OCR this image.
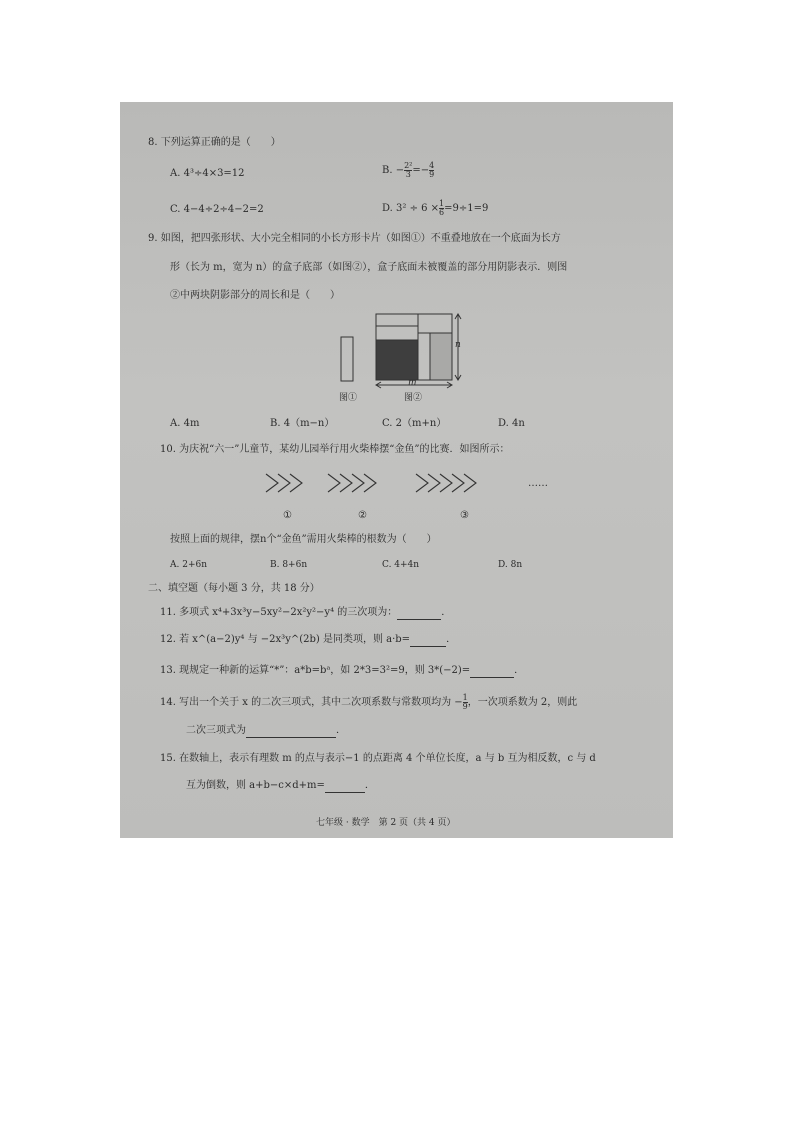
8. 下列运算正确的是（　　）
A. 4³÷4×3=12	B. − $\frac{\text{2²}}{3} =- \frac{4}{9}$
C. 4−4÷2÷4−2=2	D. $3^2 \div 6 \times \frac{1}{6} =9\div 1=9$
9. 如图，把四张形状、大小完全相同的小长方形卡片（如图①）不重叠地放在一个底面为长方
形（长为 m，宽为 n）的盒子底部（如图②），盒子底面未被覆盖的部分用阴影表示．则图
②中两块阴影部分的周长和是（　　）
n
m
图①	图②
A. 4m	B. 4（m−n）	C. 2（m+n）	D. 4n
10. 为庆祝“六一”儿童节，某幼儿园举行用火柴棒摆“金鱼”的比赛．如图所示：
……
①	②	③
按照上面的规律，摆n个“金鱼”需用火柴棒的根数为（　　）
A. 2+6n	B. 8+6n	C. 4+4n	D. 8n
二、填空题（每小题 3 分，共 18 分）
11. 多项式 x⁴+3x³y−5xy²−2x²y²−y⁴ 的三次项为：	．
12. 若 x^(a−2)y⁴ 与 −2x³y^(2b) 是同类项，则 a·b=	．
13. 现规定一种新的运算“*”：a*b=bᵃ，如 2*3=3²=9，则 3*(−2)=	．
14. 写出一个关于 x 的二次三项式，其中二次项系数与常数项均为 − $\frac{1}{9}$ ，一次项系数为 2，则此
二次三项式为	．
15. 在数轴上，表示有理数 m 的点与表示−1 的点距离 4 个单位长度，a 与 b 互为相反数，c 与 d
互为倒数，则 a+b−c×d+m=	．
七年级 · 数学　第 2 页（共 4 页）
